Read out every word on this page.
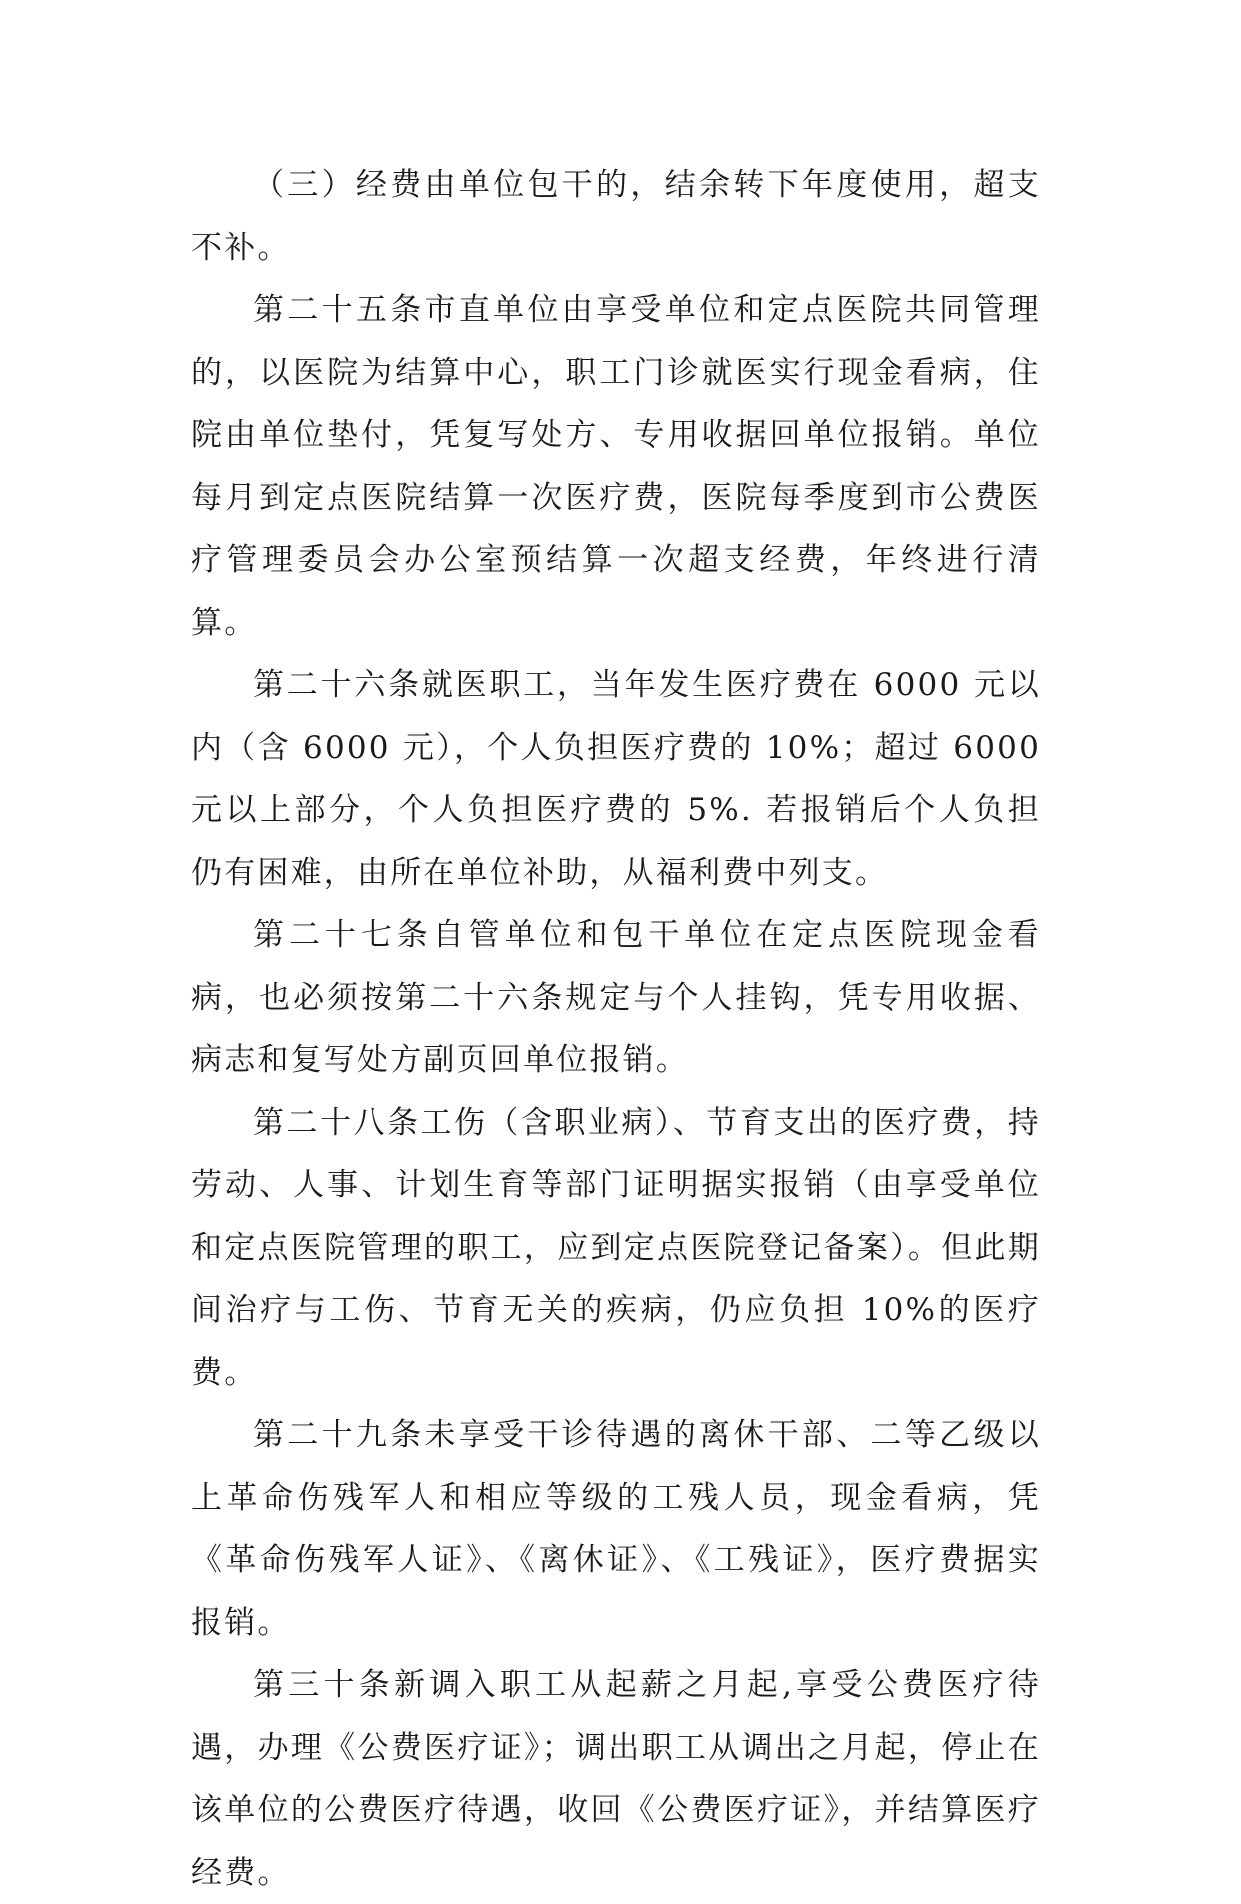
（三）经费由单位包干的，结余转下年度使用，超支不补。

第二十五条市直单位由享受单位和定点医院共同管理的，以医院为结算中心，职工门诊就医实行现金看病，住院由单位垫付，凭复写处方、专用收据回单位报销。单位每月到定点医院结算一次医疗费，医院每季度到市公费医疗管理委员会办公室预结算一次超支经费，年终进行清算。

第二十六条就医职工，当年发生医疗费在 6000 元以内（含 6000 元），个人负担医疗费的 10%；超过 6000 元以上部分，个人负担医疗费的 5%. 若报销后个人负担仍有困难，由所在单位补助，从福利费中列支。

第二十七条自管单位和包干单位在定点医院现金看病，也必须按第二十六条规定与个人挂钩，凭专用收据、病志和复写处方副页回单位报销。

第二十八条工伤（含职业病）、节育支出的医疗费，持劳动、人事、计划生育等部门证明据实报销（由享受单位和定点医院管理的职工，应到定点医院登记备案）。但此期间治疗与工伤、节育无关的疾病，仍应负担 10%的医疗费。

第二十九条未享受干诊待遇的离休干部、二等乙级以上革命伤残军人和相应等级的工残人员，现金看病，凭《革命伤残军人证》、《离休证》、《工残证》，医疗费据实报销。

第三十条新调入职工从起薪之月起,享受公费医疗待遇，办理《公费医疗证》；调出职工从调出之月起，停止在该单位的公费医疗待遇，收回《公费医疗证》，并结算医疗经费。
